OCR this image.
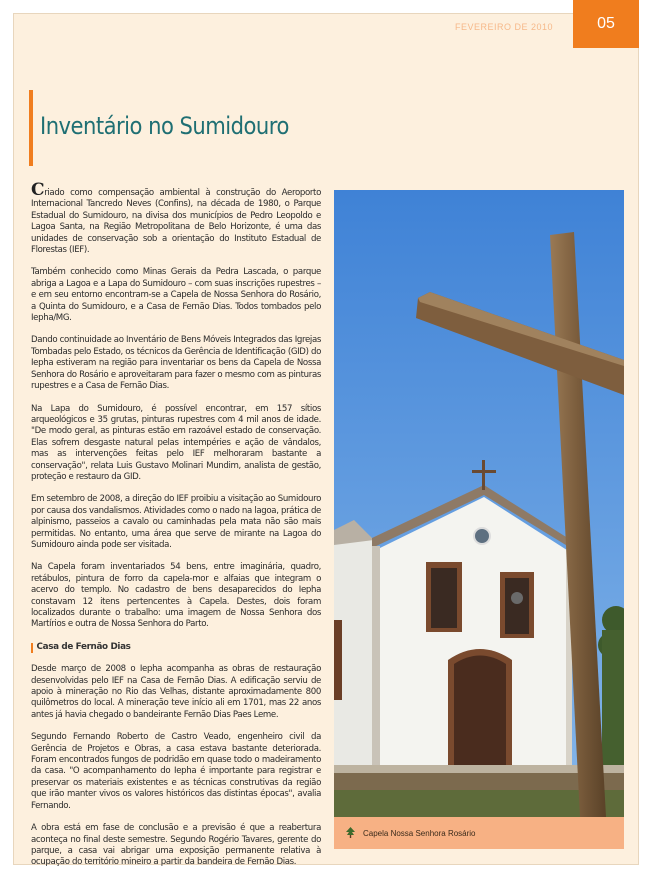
FEVEREIRO DE 2010	05
Inventário no Sumidouro

Criado como compensação ambiental à construção do Aeroporto Internacional Tancredo Neves (Confins), na década de 1980, o Parque Estadual do Sumidouro, na divisa dos municípios de Pedro Leopoldo e Lagoa Santa, na Região Metropolitana de Belo Horizonte, é uma das unidades de conservação sob a orientação do Instituto Estadual de Florestas (IEF).

Também conhecido como Minas Gerais da Pedra Lascada, o parque abriga a Lagoa e a Lapa do Sumidouro – com suas inscrições rupestres – e em seu entorno encontram-se a Capela de Nossa Senhora do Rosário, a Quinta do Sumidouro, e a Casa de Fernão Dias. Todos tombados pelo Iepha/MG.

Dando continuidade ao Inventário de Bens Móveis Integrados das Igrejas Tombadas pelo Estado, os técnicos da Gerência de Identificação (GID) do Iepha estiveram na região para inventariar os bens da Capela de Nossa Senhora do Rosário e aproveitaram para fazer o mesmo com as pinturas rupestres e a Casa de Fernão Dias.

Na Lapa do Sumidouro, é possível encontrar, em 157 sítios arqueológicos e 35 grutas, pinturas rupestres com 4 mil anos de idade. "De modo geral, as pinturas estão em razoável estado de conservação. Elas sofrem desgaste natural pelas intempéries e ação de vândalos, mas as intervenções feitas pelo IEF melhoraram bastante a conservação", relata Luis Gustavo Molinari Mundim, analista de gestão, proteção e restauro da GID.

Em setembro de 2008, a direção do IEF proibiu a visitação ao Sumidouro por causa dos vandalismos. Atividades como o nado na lagoa, prática de alpinismo, passeios a cavalo ou caminhadas pela mata não são mais permitidas. No entanto, uma área que serve de mirante na Lagoa do Sumidouro ainda pode ser visitada.

Na Capela foram inventariados 54 bens, entre imaginária, quadro, retábulos, pintura de forro da capela-mor e alfaias que integram o acervo do templo. No cadastro de bens desaparecidos do Iepha constavam 12 itens pertencentes à Capela. Destes, dois foram localizados durante o trabalho: uma imagem de Nossa Senhora dos Martírios e outra de Nossa Senhora do Parto.

Casa de Fernão Dias

Desde março de 2008 o Iepha acompanha as obras de restauração desenvolvidas pelo IEF na Casa de Fernão Dias. A edificação serviu de apoio à mineração no Rio das Velhas, distante aproximadamente 800 quilômetros do local. A mineração teve início ali em 1701, mas 22 anos antes já havia chegado o bandeirante Fernão Dias Paes Leme.

Segundo Fernando Roberto de Castro Veado, engenheiro civil da Gerência de Projetos e Obras, a casa estava bastante deteriorada. Foram encontrados fungos de podridão em quase todo o madeiramento da casa. "O acompanhamento do Iepha é importante para registrar e preservar os materiais existentes e as técnicas construtivas da região que irão manter vivos os valores históricos das distintas épocas", avalia Fernando.

A obra está em fase de conclusão e a previsão é que a reabertura aconteça no final deste semestre. Segundo Rogério Tavares, gerente do parque, a casa vai abrigar uma exposição permanente relativa à ocupação do território mineiro a partir da bandeira de Fernão Dias.

Capela Nossa Senhora Rosário
